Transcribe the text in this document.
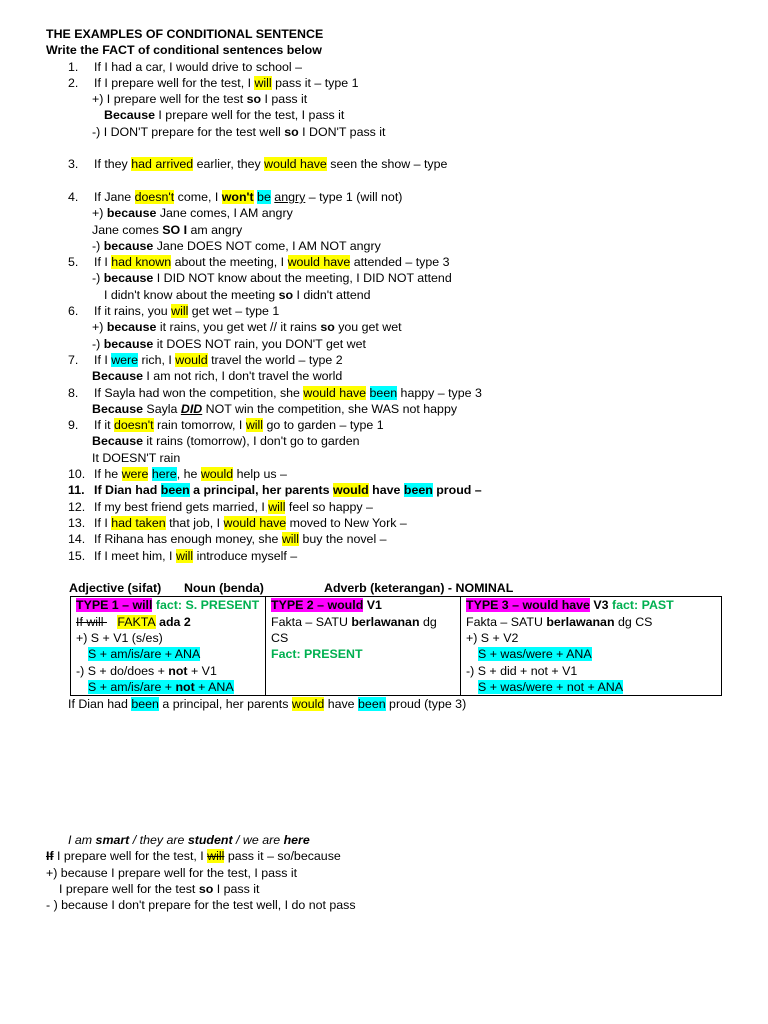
THE EXAMPLES OF CONDITIONAL SENTENCE
Write the FACT of conditional sentences below
1.	If I had a car, I would drive to school –
2.	If I prepare well for the test, I will pass it – type 1
+) I prepare well for the test so I pass it
Because I prepare well for the test, I pass it
-) I DON'T prepare for the test well so I DON'T pass it
3.	If they had arrived earlier, they would have seen the show – type
4.	If Jane doesn't come, I won't be angry – type 1 (will not)
+) because Jane comes, I AM angry
Jane comes SO I am angry
-) because Jane DOES NOT come, I AM NOT angry
5.	If I had known about the meeting, I would have attended – type 3
-) because I DID NOT know about the meeting, I DID NOT attend
I didn't know about the meeting so I didn't attend
6.	If it rains, you will get wet – type 1
+) because it rains, you get wet // it rains so you get wet
-) because it DOES NOT rain, you DON'T get wet
7.	If I were rich, I would travel the world – type 2
Because I am not rich, I don't travel the world
8.	If Sayla had won the competition, she would have been happy – type 3
Because Sayla DID NOT win the competition, she WAS not happy
9.	If it doesn't rain tomorrow, I will go to garden – type 1
Because it rains (tomorrow), I don't go to garden
It DOESN'T rain
10. If he were here, he would help us –
11. If Dian had been a principal, her parents would have been proud –
12. If my best friend gets married, I will feel so happy –
13. If I had taken that job, I would have moved to New York –
14. If Rihana has enough money, she will buy the novel –
15. If I meet him, I will introduce myself –
Adjective (sifat) Noun (benda)	Adverb (keterangan) - NOMINAL
TYPE 1 – will fact: S. PRESENT
If will    FAKTA ada 2
+) S + V1 (s/es)
S + am/is/are + ANA
-) S + do/does + not + V1
S + am/is/are + not + ANA

TYPE 2 – would V1
Fakta – SATU berlawanan dg
CS
Fact: PRESENT

TYPE 3 – would have V3 fact: PAST
Fakta – SATU berlawanan dg CS
+) S + V2
S + was/were + ANA
-) S + did + not + V1
S + was/were + not + ANA
If Dian had been a principal, her parents would have been proud (type 3)
I am smart / they are student / we are here
If I prepare well for the test, I will pass it – so/because
+) because I prepare well for the test, I pass it
I prepare well for the test so I pass it
- ) because I don't prepare for the test well, I do not pass
